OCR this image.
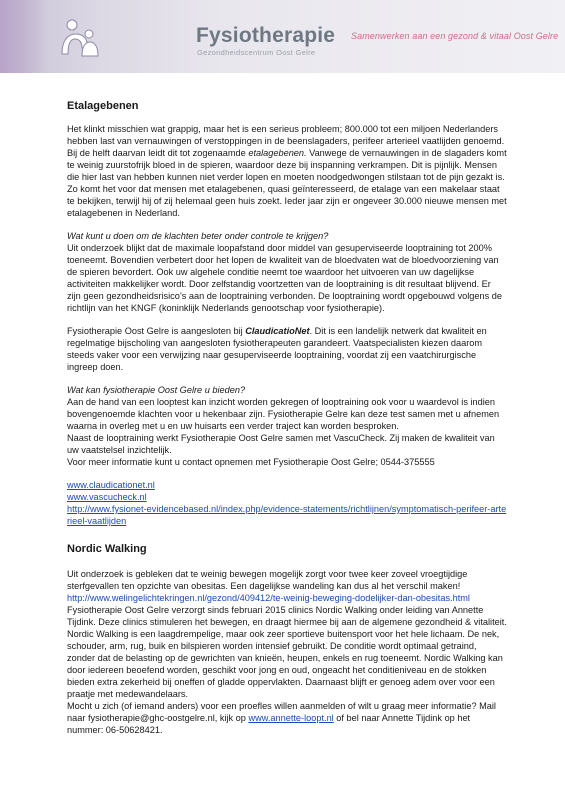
Fysiotherapie
Gezondheidscentrum Oost Gelre
Samenwerken aan een gezond & vitaal Oost Gelre
Etalagebenen

Het klinkt misschien wat grappig, maar het is een serieus probleem; 800.000 tot een miljoen Nederlanders hebben last van vernauwingen of verstoppingen in de beenslagaders, perifeer arterieel vaatlijden genoemd. Bij de helft daarvan leidt dit tot zogenaamde etalagebenen. Vanwege de vernauwingen in de slagaders komt te weinig zuurstofrijk bloed in de spieren, waardoor deze bij inspanning verkrampen. Dit is pijnlijk. Mensen die hier last van hebben kunnen niet verder lopen en moeten noodgedwongen stilstaan tot de pijn gezakt is. Zo komt het voor dat mensen met etalagebenen, quasi geïnteresseerd, de etalage van een makelaar staat te bekijken, terwijl hij of zij helemaal geen huis zoekt. Ieder jaar zijn er ongeveer 30.000 nieuwe mensen met etalagebenen in Nederland.

Wat kunt u doen om de klachten beter onder controle te krijgen?

Uit onderzoek blijkt dat de maximale loopafstand door middel van gesuperviseerde looptraining tot 200% toeneemt. Bovendien verbetert door het lopen de kwaliteit van de bloedvaten wat de bloedvoorziening van de spieren bevordert. Ook uw algehele conditie neemt toe waardoor het uitvoeren van uw dagelijkse activiteiten makkelijker wordt. Door zelfstandig voortzetten van de looptraining is dit resultaat blijvend. Er zijn geen gezondheidsrisico’s aan de looptraining verbonden. De looptraining wordt opgebouwd volgens de richtlijn van het KNGF (koninklijk Nederlands genootschap voor fysiotherapie).

Fysiotherapie Oost Gelre is aangesloten bij ClaudicatioNet. Dit is een landelijk netwerk dat kwaliteit en regelmatige bijscholing van aangesloten fysiotherapeuten garandeert. Vaatspecialisten kiezen daarom steeds vaker voor een verwijzing naar gesuperviseerde looptraining, voordat zij een vaatchirurgische ingreep doen.

Wat kan fysiotherapie Oost Gelre u bieden?

Aan de hand van een looptest kan inzicht worden gekregen of looptraining ook voor u waardevol is indien bovengenoemde klachten voor u hekenbaar zijn. Fysiotherapie Gelre kan deze test samen met u afnemen waarna in overleg met u en uw huisarts een verder traject kan worden besproken.

Naast de looptraining werkt Fysiotherapie Oost Gelre samen met VascuCheck. Zij maken de kwaliteit van uw vaatstelsel inzichtelijk.

Voor meer informatie kunt u contact opnemen met Fysiotherapie Oost Gelre; 0544-375555

www.claudicationet.nl

www.vascucheck.nl

http://www.fysionet-evidencebased.nl/index.php/evidence-statements/richtlijnen/symptomatisch-perifeer-arterieel-vaatlijden

Nordic Walking

Uit onderzoek is gebleken dat te weinig bewegen mogelijk zorgt voor twee keer zoveel vroegtijdige sterfgevallen ten opzichte van obesitas. Een dagelijkse wandeling kan dus al het verschil maken!

http://www.welingelichtekringen.nl/gezond/409412/te-weinig-beweging-dodelijker-dan-obesitas.html

Fysiotherapie Oost Gelre verzorgt sinds februari 2015 clinics Nordic Walking onder leiding van Annette Tijdink. Deze clinics stimuleren het bewegen, en draagt hiermee bij aan de algemene gezondheid & vitaliteit.

Nordic Walking is een laagdrempelige, maar ook zeer sportieve buitensport voor het hele lichaam. De nek, schouder, arm, rug, buik en bilspieren worden intensief gebruikt. De conditie wordt optimaal getraind, zonder dat de belasting op de gewrichten van knieën, heupen, enkels en rug toeneemt. Nordic Walking kan door iedereen beoefend worden, geschikt voor jong en oud, ongeacht het conditieniveau en de stokken bieden extra zekerheid bij oneffen of gladde oppervlakten. Daarnaast blijft er genoeg adem over voor een praatje met medewandelaars.

Mocht u zich (of iemand anders) voor een proefles willen aanmelden of wilt u graag meer informatie? Mail naar fysiotherapie@ghc-oostgelre.nl, kijk op www.annette-loopt.nl of bel naar Annette Tijdink op het nummer: 06-50628421.
